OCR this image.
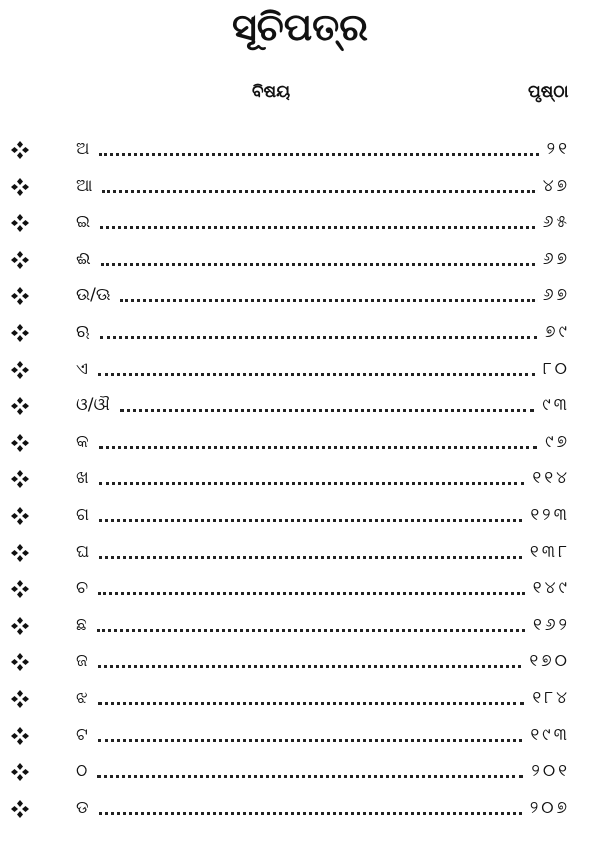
ସୂଚିପତ୍ର
ବିଷୟ	ପୃଷ୍ଠା
ଅ	୨୧
ଆ	୪୭
ଇ	୬୫
ଈ	୬୭
ଉ/ଊ	୬୭
ଋ	୭୯
ଏ	୮୦
ଓ/ଔ	୯୩
କ	୯୭
ଖ	୧୧୪
ଗ	୧୨୩
ଘ	୧୩୮
ଚ	୧୪୯
ଛ	୧୬୨
ଜ	୧୭୦
ଝ	୧୮୪
ଟ	୧୯୩
ଠ	୨୦୧
ଡ	୨୦୭
